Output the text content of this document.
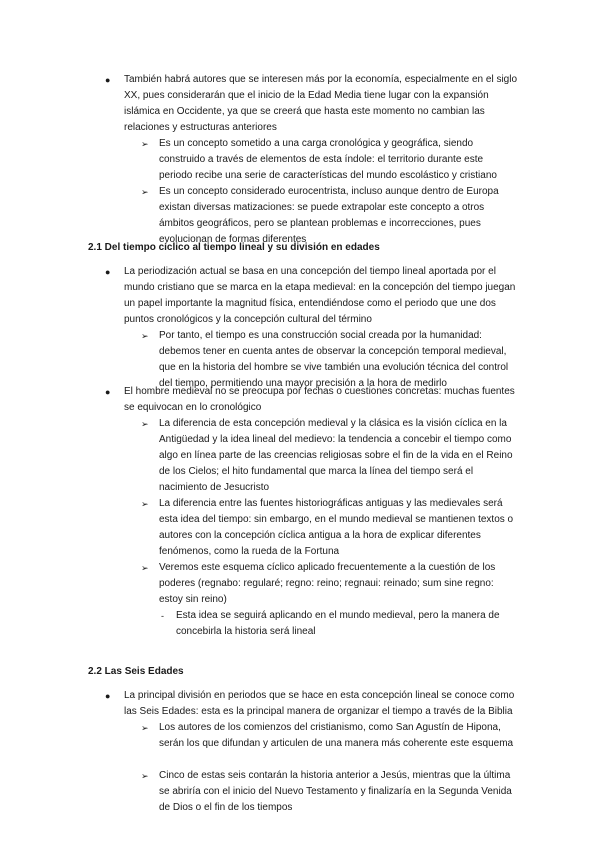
● También habrá autores que se interesen más por la economía, especialmente en el siglo XX, pues considerarán que el inicio de la Edad Media tiene lugar con la expansión islámica en Occidente, ya que se creerá que hasta este momento no cambian las relaciones y estructuras anteriores
➢ Es un concepto sometido a una carga cronológica y geográfica, siendo construido a través de elementos de esta índole: el territorio durante este periodo recibe una serie de características del mundo escolástico y cristiano
➢ Es un concepto considerado eurocentrista, incluso aunque dentro de Europa existan diversas matizaciones: se puede extrapolar este concepto a otros ámbitos geográficos, pero se plantean problemas e incorrecciones, pues evolucionan de formas diferentes
2.1 Del tiempo cíclico al tiempo lineal y su división en edades
● La periodización actual se basa en una concepción del tiempo lineal aportada por el mundo cristiano que se marca en la etapa medieval: en la concepción del tiempo juegan un papel importante la magnitud física, entendiéndose como el periodo que une dos puntos cronológicos y la concepción cultural del término
➢ Por tanto, el tiempo es una construcción social creada por la humanidad: debemos tener en cuenta antes de observar la concepción temporal medieval, que en la historia del hombre se vive también una evolución técnica del control del tiempo, permitiendo una mayor precisión a la hora de medirlo
● El hombre medieval no se preocupa por fechas o cuestiones concretas: muchas fuentes se equivocan en lo cronológico
➢ La diferencia de esta concepción medieval y la clásica es la visión cíclica en la Antigüedad y la idea lineal del medievo: la tendencia a concebir el tiempo como algo en línea parte de las creencias religiosas sobre el fin de la vida en el Reino de los Cielos; el hito fundamental que marca la línea del tiempo será el nacimiento de Jesucristo
➢ La diferencia entre las fuentes historiográficas antiguas y las medievales será esta idea del tiempo: sin embargo, en el mundo medieval se mantienen textos o autores con la concepción cíclica antigua a la hora de explicar diferentes fenómenos, como la rueda de la Fortuna
➢ Veremos este esquema cíclico aplicado frecuentemente a la cuestión de los poderes (regnabo: regularé; regno: reino; regnaui: reinado; sum sine regno: estoy sin reino)
- Esta idea se seguirá aplicando en el mundo medieval, pero la manera de concebirla la historia será lineal
2.2 Las Seis Edades
● La principal división en periodos que se hace en esta concepción lineal se conoce como las Seis Edades: esta es la principal manera de organizar el tiempo a través de la Biblia
➢ Los autores de los comienzos del cristianismo, como San Agustín de Hipona, serán los que difundan y articulen de una manera más coherente este esquema
➢ Cinco de estas seis contarán la historia anterior a Jesús, mientras que la última se abriría con el inicio del Nuevo Testamento y finalizaría en la Segunda Venida de Dios o el fin de los tiempos
